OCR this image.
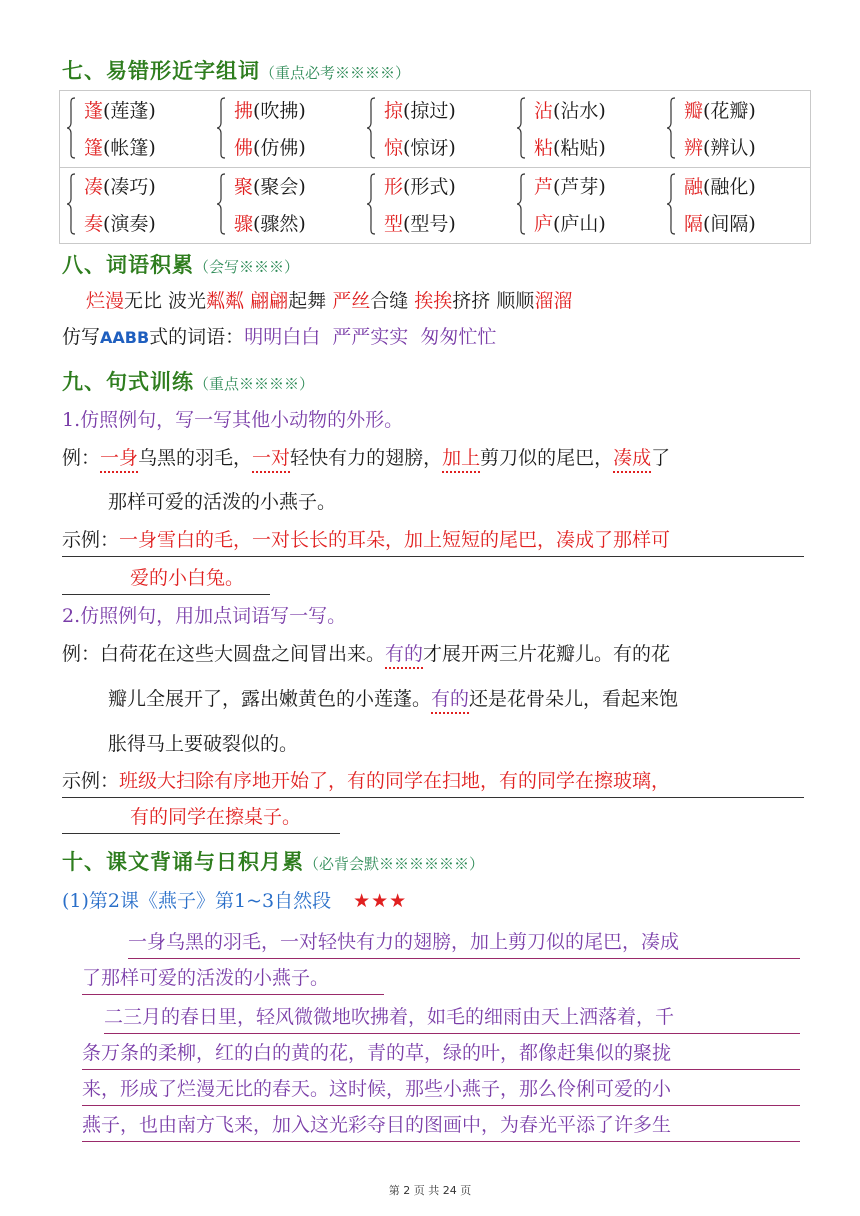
七、易错形近字组词（重点必考※※※※）
蓬(莲蓬)
篷(帐篷)
拂(吹拂)
佛(仿佛)
掠(掠过)
惊(惊讶)
沾(沾水)
粘(粘贴)
瓣(花瓣)
辨(辨认)
凑(凑巧)
奏(演奏)
聚(聚会)
骤(骤然)
形(形式)
型(型号)
芦(芦芽)
庐(庐山)
融(融化)
隔(间隔)
八、词语积累（会写※※※）
烂漫无比 波光粼粼 翩翩起舞 严丝合缝 挨挨挤挤 顺顺溜溜
仿写AABB式的词语：明明白白  严严实实  匆匆忙忙
九、句式训练（重点※※※※）
1.仿照例句，写一写其他小动物的外形。
例：一身乌黑的羽毛，一对轻快有力的翅膀，加上剪刀似的尾巴，凑成了
那样可爱的活泼的小燕子。
示例：一身雪白的毛，一对长长的耳朵，加上短短的尾巴，凑成了那样可
爱的小白兔。
2.仿照例句，用加点词语写一写。
例：白荷花在这些大圆盘之间冒出来。有的才展开两三片花瓣儿。有的花
瓣儿全展开了，露出嫩黄色的小莲蓬。有的还是花骨朵儿，看起来饱
胀得马上要破裂似的。
示例：班级大扫除有序地开始了，有的同学在扫地，有的同学在擦玻璃，
有的同学在擦桌子。
十、课文背诵与日积月累（必背会默※※※※※※）
(1)第2课《燕子》第1~3自然段 ★★★
一身乌黑的羽毛，一对轻快有力的翅膀，加上剪刀似的尾巴，凑成
了那样可爱的活泼的小燕子。
二三月的春日里，轻风微微地吹拂着，如毛的细雨由天上洒落着，千
条万条的柔柳，红的白的黄的花，青的草，绿的叶，都像赶集似的聚拢
来，形成了烂漫无比的春天。这时候，那些小燕子，那么伶俐可爱的小
燕子，也由南方飞来，加入这光彩夺目的图画中，为春光平添了许多生
第 2 页 共 24 页
